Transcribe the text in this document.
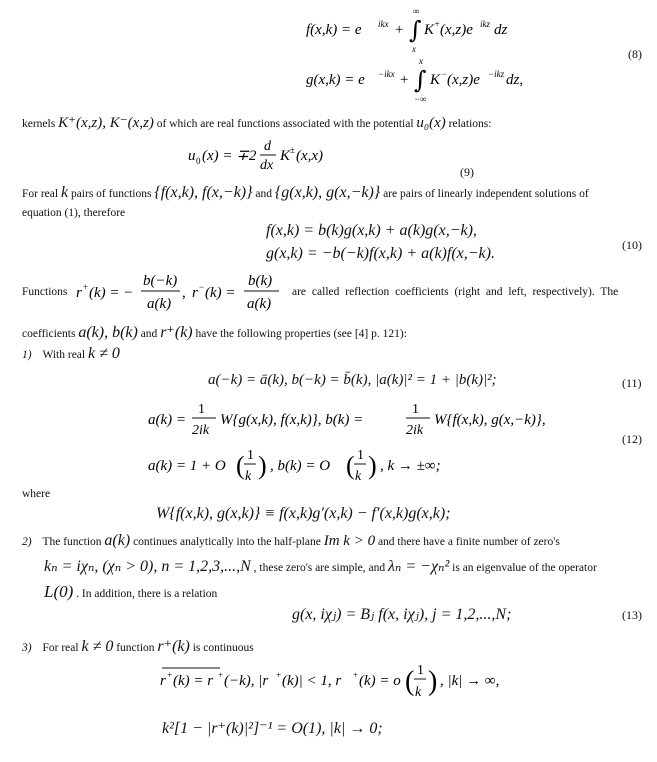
f(x,k) = e ikx + ∫
∞
x
K + (x,z)e ikz dz
g(x,k) = e −ikx + ∫
x
−∞
K − (x,z)e −ikz dz,
(8)
kernels K⁺(x,z), K⁻(x,z) of which are real functions associated with the potential u₀(x) relations:
u 0 (x) = ∓2
d
dx
K ± (x,x)
(9)
For real k pairs of functions {f(x,k), f(x,−k)} and {g(x,k), g(x,−k)} are pairs of linearly independent solutions of
equation (1), therefore
f(x,k) = b(k)g(x,k) + a(k)g(x,−k),
g(x,k) = −b(−k)f(x,k) + a(k)f(x,−k).	(10)
Functions r + (k) = −
b(−k)
a(k)
, r − (k) =
b(k)
a(k)
are called reflection coefficients (right and left, respectively). The
coefficients a(k), b(k) and r⁺(k) have the following properties (see [4] p. 121):
1) With real k ≠ 0
a(−k) = ā(k), b(−k) = b̄(k), |a(k)|² = 1 + |b(k)|²;	(11)
a(k) =
1
2ik
W{g(x,k), f(x,k)}, b(k) =
1
2ik
W{f(x,k), g(x,−k)},
a(k) = 1 + O ( 1
k ) , b(k) = O ( 1
k ) , k → ±∞;
(12)
where
W{f(x,k), g(x,k)} ≡ f(x,k)g′(x,k) − f′(x,k)g(x,k);
2) The function a(k) continues analytically into the half-plane Im k > 0 and there have a finite number of zero's
kₙ = iχₙ, (χₙ > 0), n = 1,2,3,...,N , these zero's are simple, and λₙ = −χₙ² is an eigenvalue of the operator
L(0) . In addition, there is a relation
g(x, iχⱼ) = Bⱼ f(x, iχⱼ), j = 1,2,...,N;	(13)
3) For real k ≠ 0 function r⁺(k) is continuous
r + (k) = r + (−k), |r + (k)| < 1, r + (k) = o ( 1
k ) , |k| → ∞,
k²[1 − |r⁺(k)|²]⁻¹ = O(1), |k| → 0;
